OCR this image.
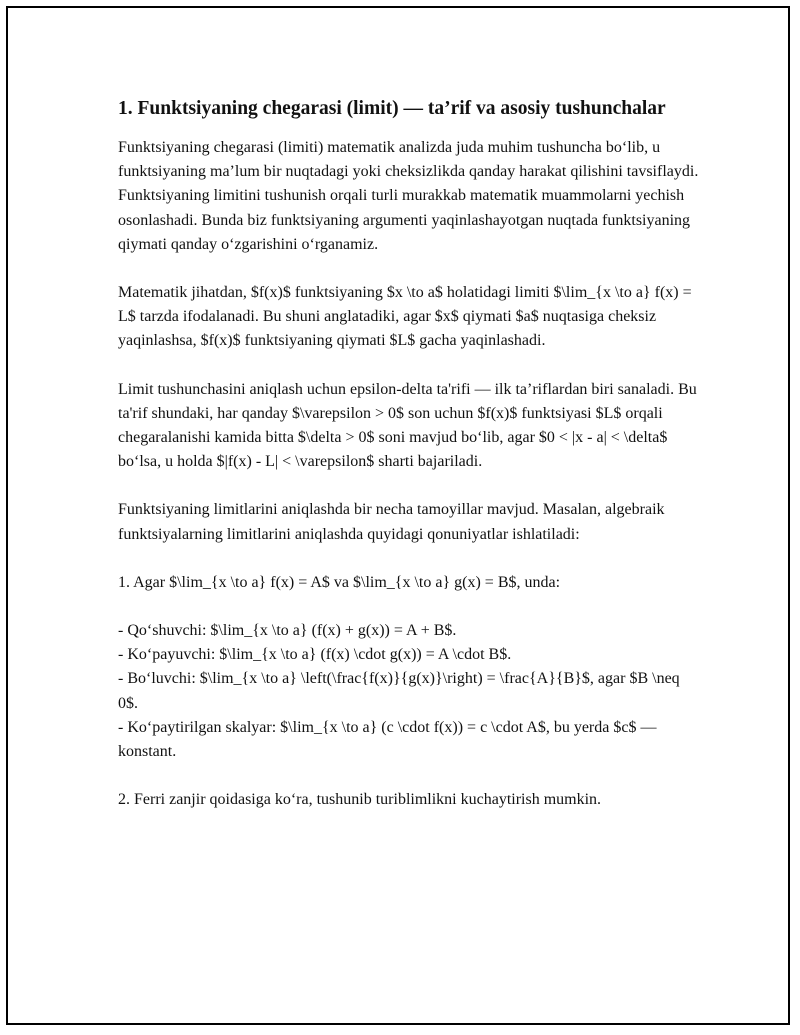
1. Funktsiyaning chegarasi (limit) — ta’rif va asosiy tushunchalar

Funktsiyaning chegarasi (limiti) matematik analizda juda muhim tushuncha bo‘lib, u funktsiyaning ma’lum bir nuqtadagi yoki cheksizlikda qanday harakat qilishini tavsiflaydi. Funktsiyaning limitini tushunish orqali turli murakkab matematik muammolarni yechish osonlashadi. Bunda biz funktsiyaning argumenti yaqinlashayotgan nuqtada funktsiyaning qiymati qanday o‘zgarishini o‘rganamiz.

Matematik jihatdan, $f(x)$ funktsiyaning $x \to a$ holatidagi limiti $\lim_{x \to a} f(x) = L$ tarzda ifodalanadi. Bu shuni anglatadiki, agar $x$ qiymati $a$ nuqtasiga cheksiz yaqinlashsa, $f(x)$ funktsiyaning qiymati $L$ gacha yaqinlashadi.

Limit tushunchasini aniqlash uchun epsilon-delta ta'rifi — ilk ta’riflardan biri sanaladi. Bu ta'rif shundaki, har qanday $\varepsilon > 0$ son uchun $f(x)$ funktsiyasi $L$ orqali chegaralanishi kamida bitta $\delta > 0$ soni mavjud bo‘lib, agar $0 < |x - a| < \delta$ bo‘lsa, u holda $|f(x) - L| < \varepsilon$ sharti bajariladi.

Funktsiyaning limitlarini aniqlashda bir necha tamoyillar mavjud. Masalan, algebraik funktsiyalarning limitlarini aniqlashda quyidagi qonuniyatlar ishlatiladi:

1. Agar $\lim_{x \to a} f(x) = A$ va $\lim_{x \to a} g(x) = B$, unda:

- Qo‘shuvchi: $\lim_{x \to a} (f(x) + g(x)) = A + B$.
- Ko‘payuvchi: $\lim_{x \to a} (f(x) \cdot g(x)) = A \cdot B$.
- Bo‘luvchi: $\lim_{x \to a} \left(\frac{f(x)}{g(x)}\right) = \frac{A}{B}$, agar $B \neq 0$.
- Ko‘paytirilgan skalyar: $\lim_{x \to a} (c \cdot f(x)) = c \cdot A$, bu yerda $c$ — konstant.

2. Ferri zanjir qoidasiga ko‘ra, tushunib turiblimlikni kuchaytirish mumkin.
